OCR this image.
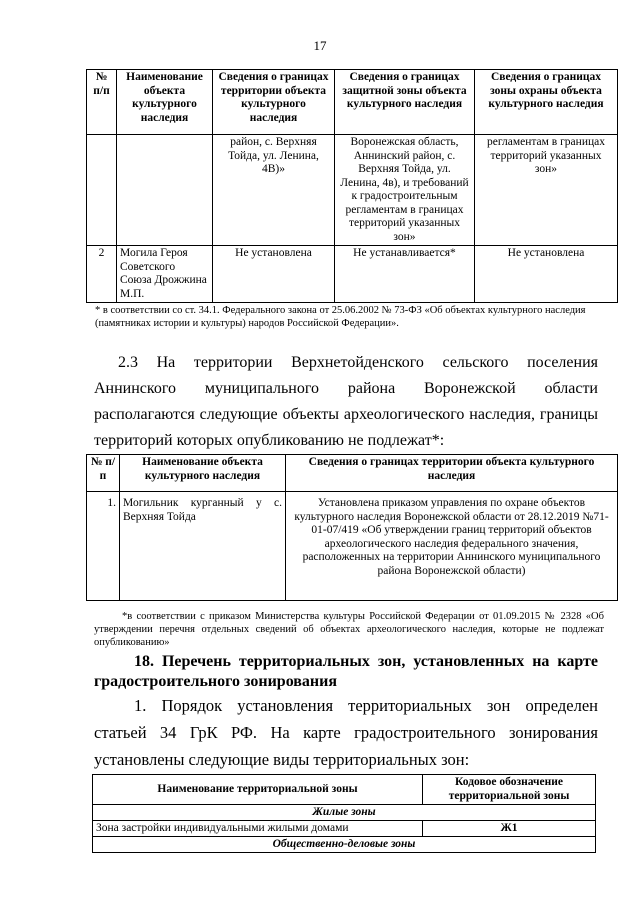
17
№ п/п	Наименование объекта культурного наследия	Сведения о границах территории объекта культурного наследия	Сведения о границах защитной зоны объекта культурного наследия	Сведения о границах зоны охраны объекта культурного наследия
		район, с. Верхняя Тойда, ул. Ленина, 4В)»	Воронежская область, Аннинский район, с. Верхняя Тойда, ул. Ленина, 4в), и требований к градостроительным регламентам в границах территорий указанных зон»	регламентам в границах территорий указанных зон»
2	Могила Героя Советского Союза Дрожжина М.П.	Не установлена	Не устанавливается*	Не установлена
* в соответствии со ст. 34.1. Федерального закона от 25.06.2002 № 73-ФЗ «Об объектах культурного наследия (памятниках истории и культуры) народов Российской Федерации».
2.3 На территории Верхнетойденского сельского поселения Аннинского муниципального района Воронежской области располагаются следующие объекты археологического наследия, границы территорий которых опубликованию не подлежат*:
№ п/п	Наименование объекта культурного наследия	Сведения о границах территории объекта культурного наследия
1.	Могильник курганный у с. Верхняя Тойда	Установлена приказом управления по охране объектов культурного наследия Воронежской области от 28.12.2019 №71-01-07/419 «Об утверждении границ территорий объектов археологического наследия федерального значения, расположенных на территории Аннинского муниципального района Воронежской области)
*в соответствии с приказом Министерства культуры Российской Федерации от 01.09.2015 № 2328 «Об утверждении перечня отдельных сведений об объектах археологического наследия, которые не подлежат опубликованию»
18. Перечень территориальных зон, установленных на карте градостроительного зонирования
1. Порядок установления территориальных зон определен статьей 34 ГрК РФ. На карте градостроительного зонирования установлены следующие виды территориальных зон:
Наименование территориальной зоны	Кодовое обозначение территориальной зоны
Жилые зоны	
Зона застройки индивидуальными жилыми домами	Ж1
Общественно-деловые зоны	
